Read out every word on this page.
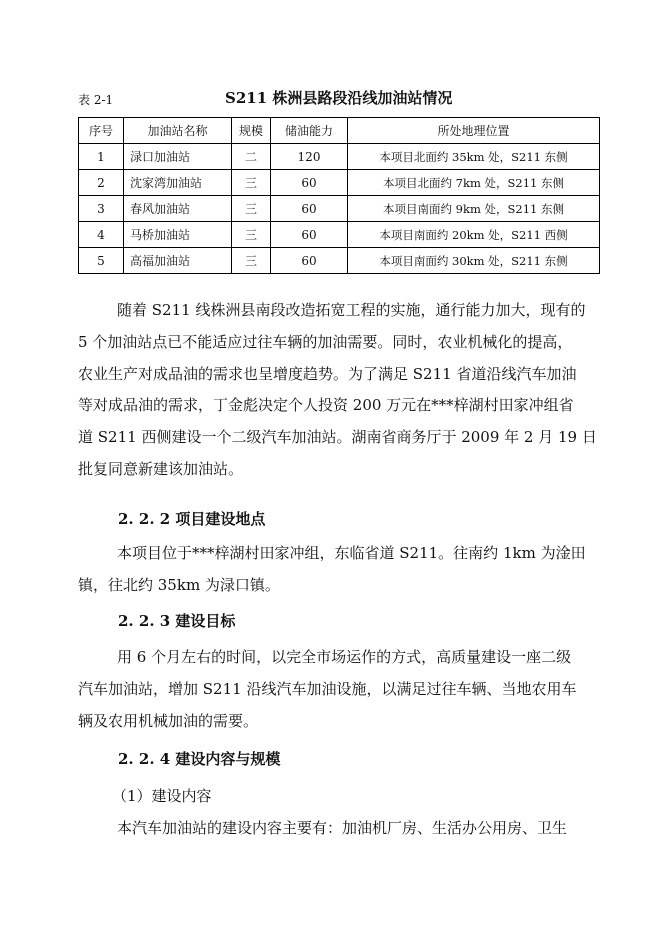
表 2-1	S211 株洲县路段沿线加油站情况
序号	加油站名称	规模	储油能力	所处地理位置
1	渌口加油站	二	120	本项目北面约 35km 处，S211 东侧
2	沈家湾加油站	三	60	本项目北面约 7km 处，S211 东侧
3	春风加油站	三	60	本项目南面约 9km 处，S211 东侧
4	马桥加油站	三	60	本项目南面约 20km 处，S211 西侧
5	高福加油站	三	60	本项目南面约 30km 处，S211 东侧
随着 S211 线株洲县南段改造拓宽工程的实施，通行能力加大，现有的
5 个加油站点已不能适应过往车辆的加油需要。同时，农业机械化的提高，
农业生产对成品油的需求也呈增度趋势。为了满足 S211 省道沿线汽车加油
等对成品油的需求，丁金彪决定个人投资 200 万元在***梓湖村田家冲组省
道 S211 西侧建设一个二级汽车加油站。湖南省商务厅于 2009 年 2 月 19 日
批复同意新建该加油站。
2. 2. 2 项目建设地点
本项目位于***梓湖村田家冲组，东临省道 S211。往南约 1km 为淦田
镇，往北约 35km 为渌口镇。
2. 2. 3 建设目标
用 6 个月左右的时间，以完全市场运作的方式，高质量建设一座二级
汽车加油站，增加 S211 沿线汽车加油设施，以满足过往车辆、当地农用车
辆及农用机械加油的需要。
2. 2. 4 建设内容与规模
（1）建设内容
本汽车加油站的建设内容主要有：加油机厂房、生活办公用房、卫生
